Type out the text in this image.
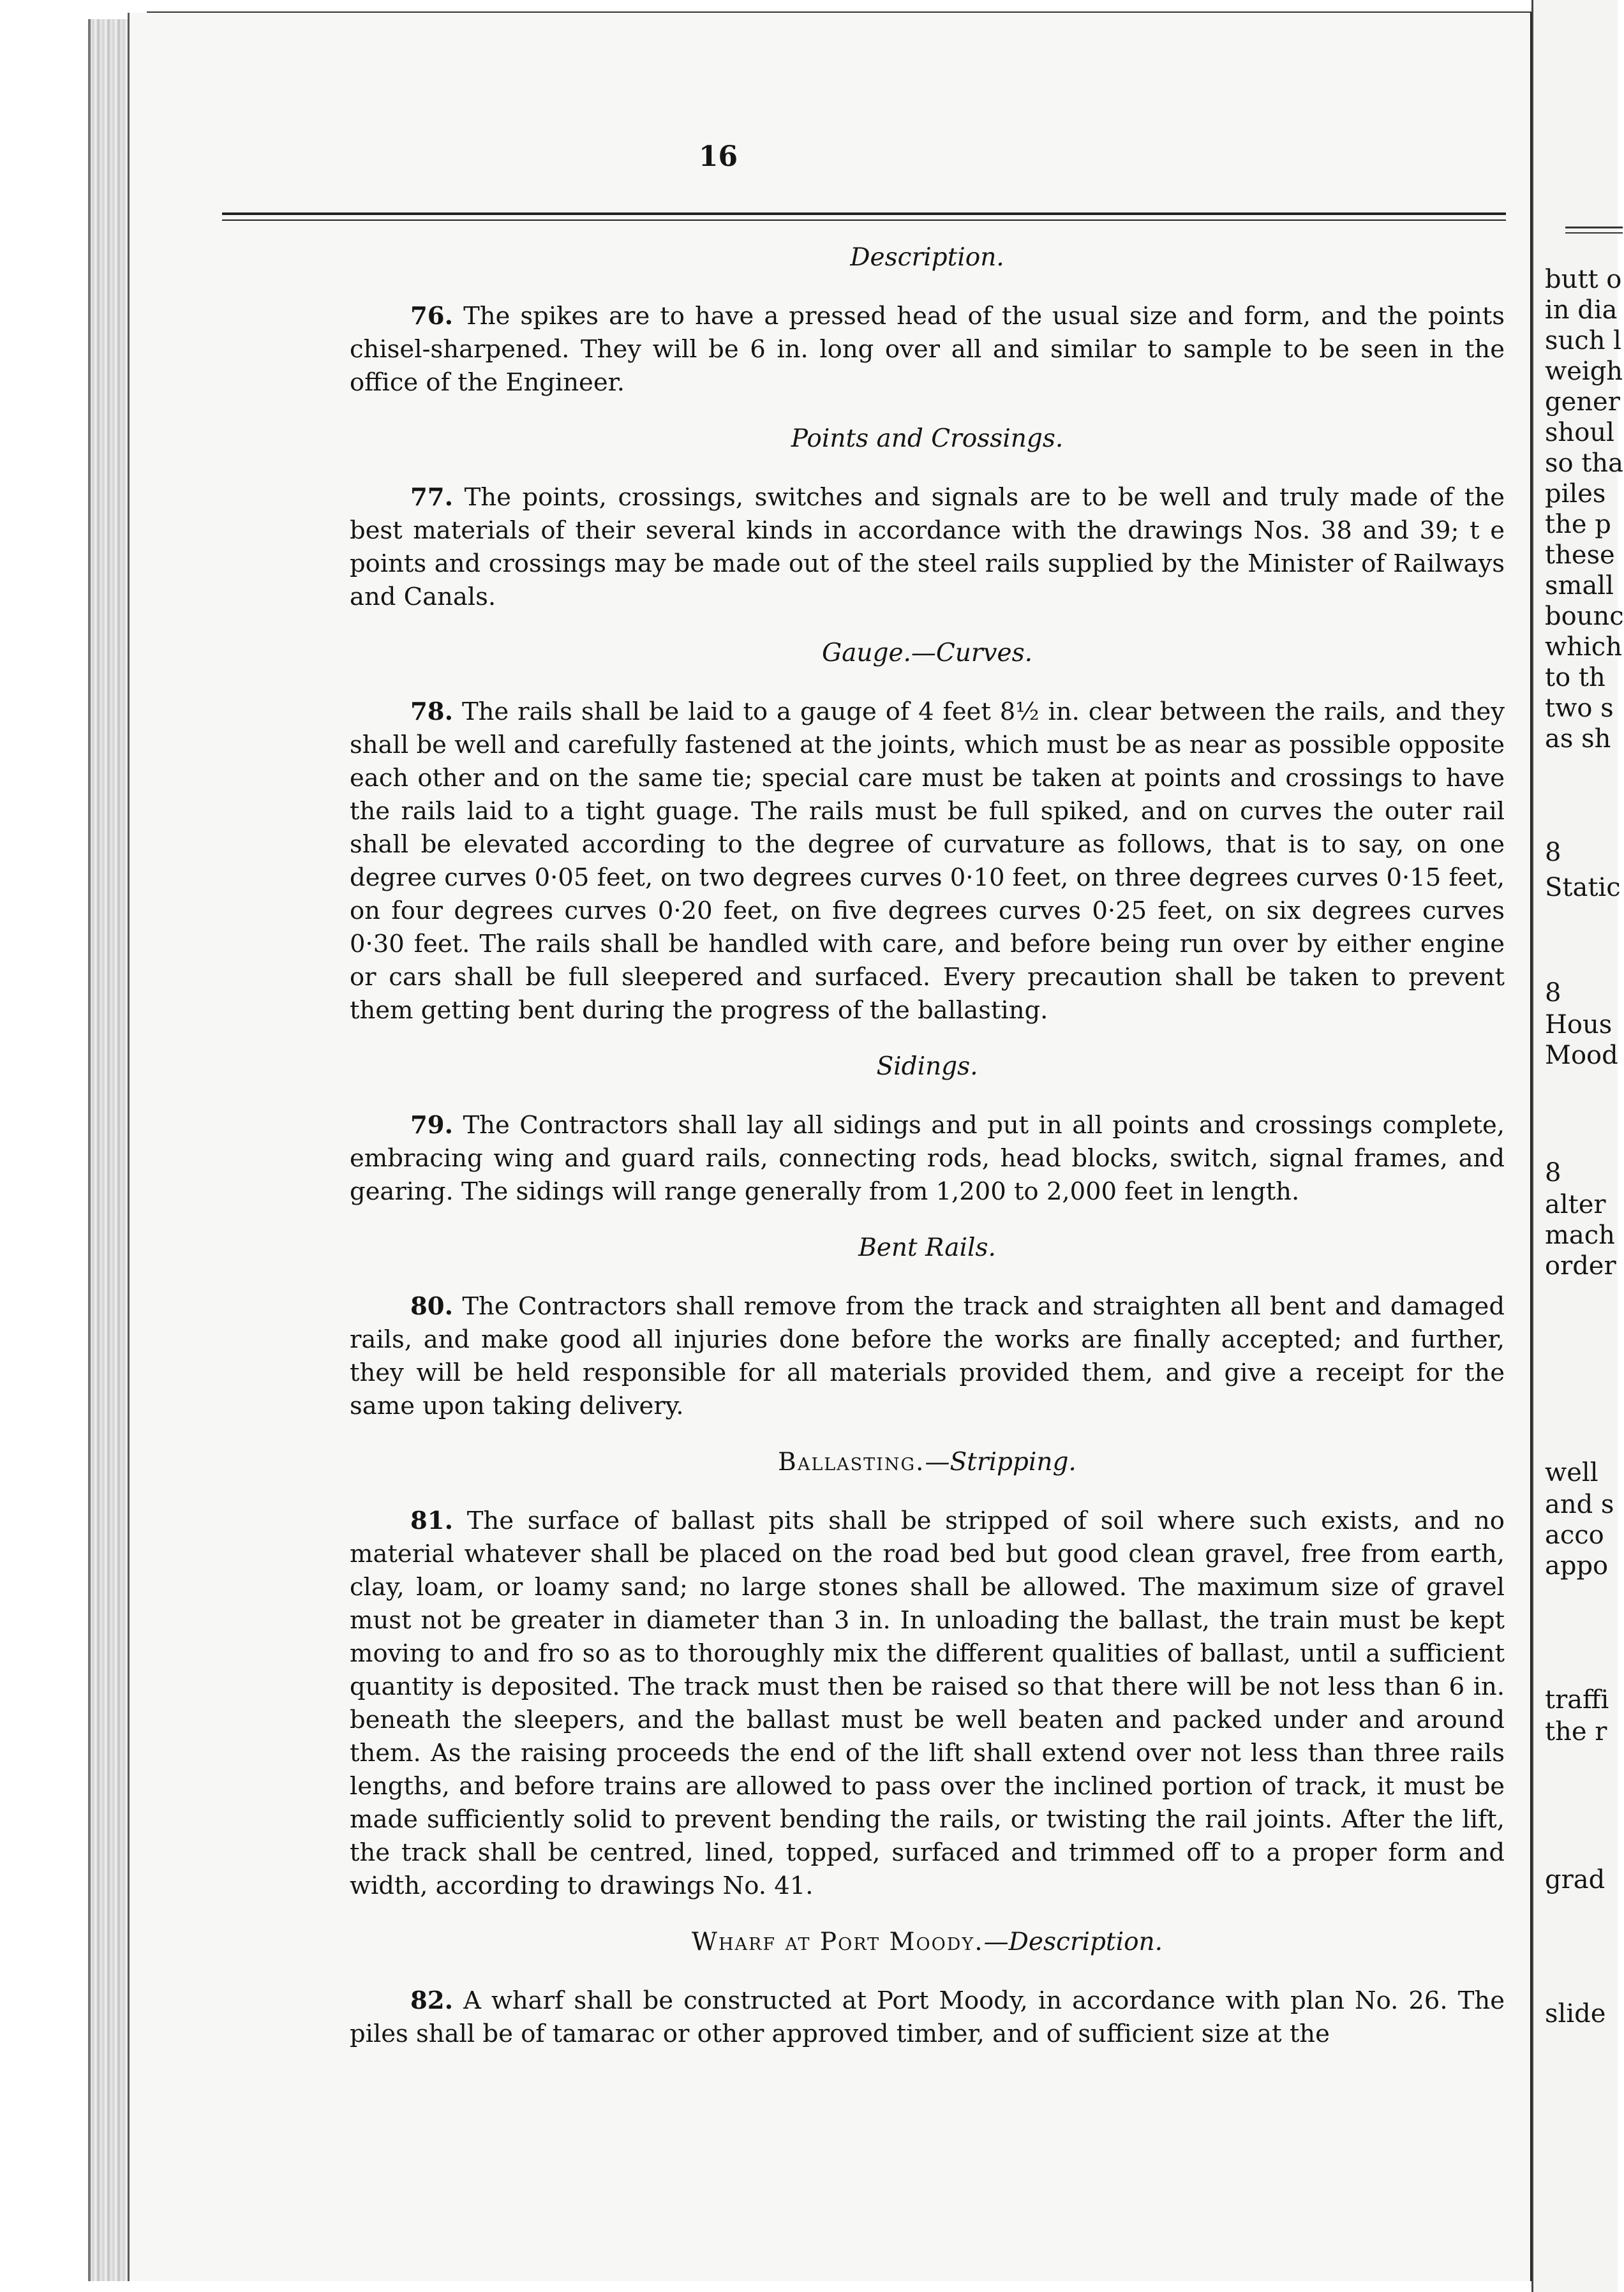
16
Description.

76. The spikes are to have a pressed head of the usual size and form, and the points chisel-sharpened. They will be 6 in. long over all and similar to sample to be seen in the office of the Engineer.

Points and Crossings.

77. The points, crossings, switches and signals are to be well and truly made of the best materials of their several kinds in accordance with the drawings Nos. 38 and 39; t e points and crossings may be made out of the steel rails supplied by the Minister of Railways and Canals.

Gauge.—Curves.

78. The rails shall be laid to a gauge of 4 feet 8½ in. clear between the rails, and they shall be well and carefully fastened at the joints, which must be as near as possible opposite each other and on the same tie; special care must be taken at points and crossings to have the rails laid to a tight guage. The rails must be full spiked, and on curves the outer rail shall be elevated according to the degree of curvature as follows, that is to say, on one degree curves 0·05 feet, on two degrees curves 0·10 feet, on three degrees curves 0·15 feet, on four degrees curves 0·20 feet, on five degrees curves 0·25 feet, on six degrees curves 0·30 feet. The rails shall be handled with care, and before being run over by either engine or cars shall be full sleepered and surfaced. Every precaution shall be taken to prevent them getting bent during the progress of the ballasting.

Sidings.

79. The Contractors shall lay all sidings and put in all points and crossings complete, embracing wing and guard rails, connecting rods, head blocks, switch, signal frames, and gearing. The sidings will range generally from 1,200 to 2,000 feet in length.

Bent Rails.

80. The Contractors shall remove from the track and straighten all bent and damaged rails, and make good all injuries done before the works are finally accepted; and further, they will be held responsible for all materials provided them, and give a receipt for the same upon taking delivery.

Ballasting.—Stripping.

81. The surface of ballast pits shall be stripped of soil where such exists, and no material whatever shall be placed on the road bed but good clean gravel, free from earth, clay, loam, or loamy sand; no large stones shall be allowed. The maximum size of gravel must not be greater in diameter than 3 in. In unloading the ballast, the train must be kept moving to and fro so as to thoroughly mix the different qualities of ballast, until a sufficient quantity is deposited. The track must then be raised so that there will be not less than 6 in. beneath the sleepers, and the ballast must be well beaten and packed under and around them. As the raising proceeds the end of the lift shall extend over not less than three rails lengths, and before trains are allowed to pass over the inclined portion of track, it must be made sufficiently solid to prevent bending the rails, or twisting the rail joints. After the lift, the track shall be centred, lined, topped, surfaced and trimmed off to a proper form and width, according to drawings No. 41.

Wharf at Port Moody.—Description.

82. A wharf shall be constructed at Port Moody, in accordance with plan No. 26. The piles shall be of tamarac or other approved timber, and of sufficient size at the

butt o
in dia
such l
weigh
gener
shoul
so tha
piles
the p
these
small
bounc
which
to th
two s
as sh
8
Static
8
Hous
Mood
8
alter
mach
order
well
and s
acco
appo
traffi
the r
grad
slide
